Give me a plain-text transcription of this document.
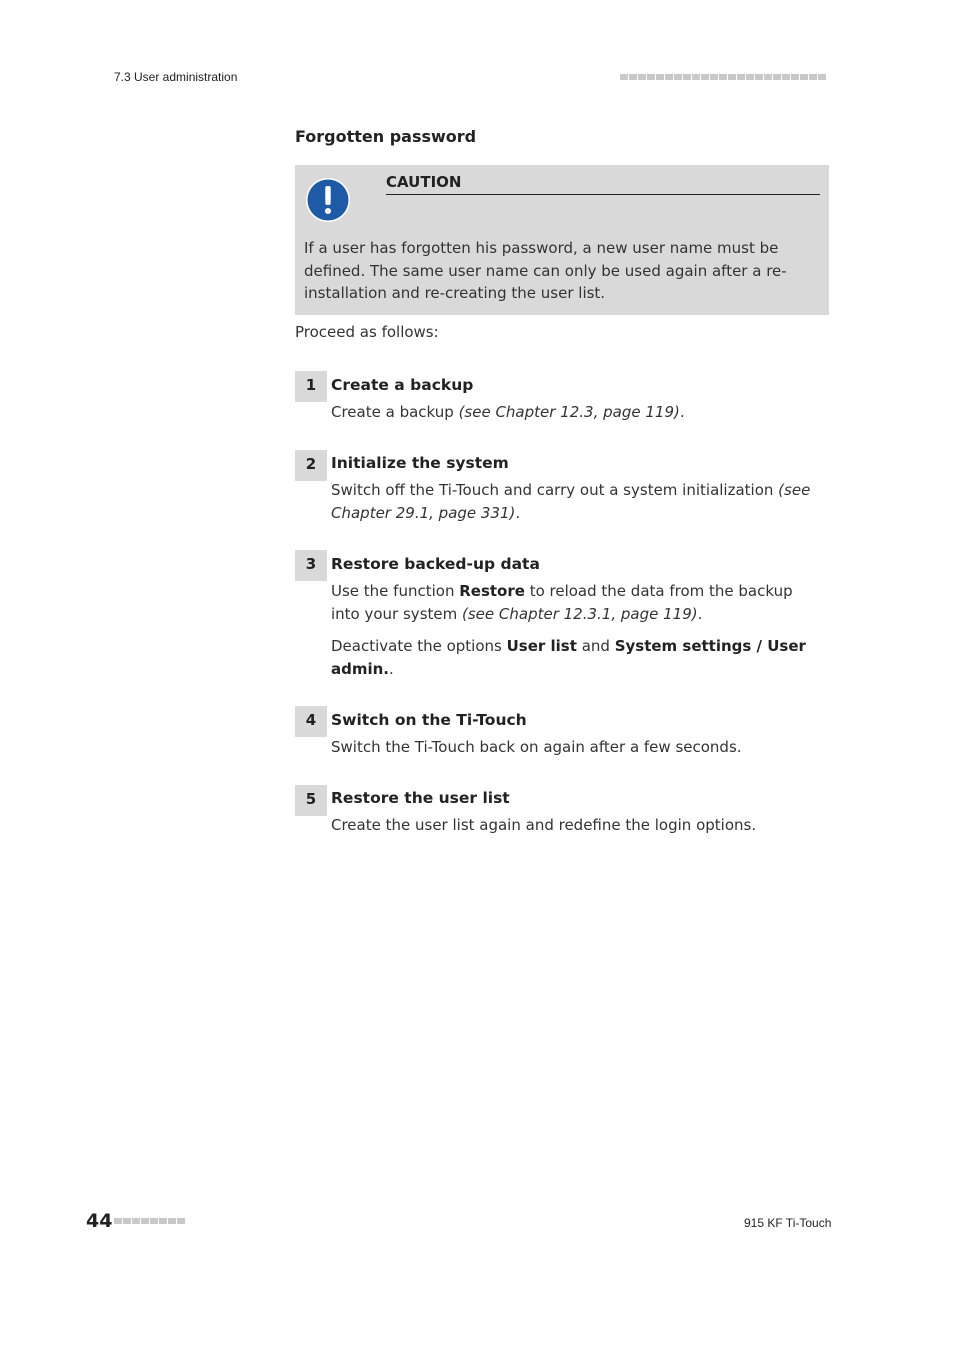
7.3 User administration
Forgotten password
CAUTION
If a user has forgotten his password, a new user name must be defined. The same user name can only be used again after a re-installation and re-creating the user list.
Proceed as follows:
1 Create a backup

Create a backup (see Chapter 12.3, page 119).

2 Initialize the system

Switch off the Ti-Touch and carry out a system initialization (see Chapter 29.1, page 331).

3 Restore backed-up data

Use the function Restore to reload the data from the backup into your system (see Chapter 12.3.1, page 119).

Deactivate the options User list and System settings / User admin..

4 Switch on the Ti-Touch

Switch the Ti-Touch back on again after a few seconds.

5 Restore the user list

Create the user list again and redefine the login options.

44	915 KF Ti-Touch
